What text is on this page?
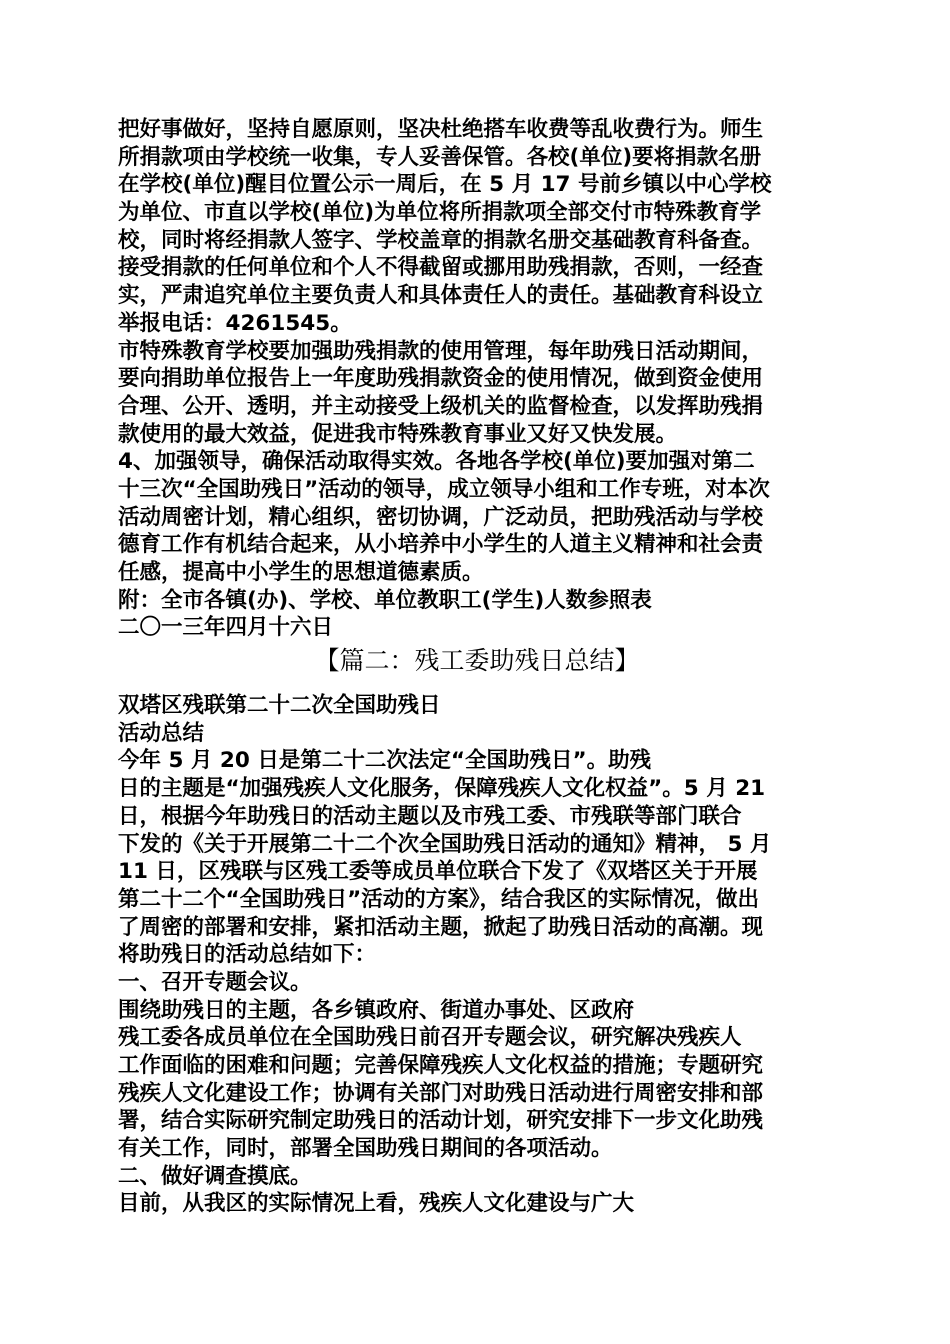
把好事做好，坚持自愿原则，坚决杜绝搭车收费等乱收费行为。师生
所捐款项由学校统一收集，专人妥善保管。各校(单位)要将捐款名册
在学校(单位)醒目位置公示一周后，在 5 月 17 号前乡镇以中心学校
为单位、市直以学校(单位)为单位将所捐款项全部交付市特殊教育学
校，同时将经捐款人签字、学校盖章的捐款名册交基础教育科备查。
接受捐款的任何单位和个人不得截留或挪用助残捐款，否则，一经查
实，严肃追究单位主要负责人和具体责任人的责任。基础教育科设立
举报电话：4261545。
市特殊教育学校要加强助残捐款的使用管理，每年助残日活动期间，
要向捐助单位报告上一年度助残捐款资金的使用情况，做到资金使用
合理、公开、透明，并主动接受上级机关的监督检查，以发挥助残捐
款使用的最大效益，促进我市特殊教育事业又好又快发展。
4、加强领导，确保活动取得实效。各地各学校(单位)要加强对第二
十三次“全国助残日”活动的领导，成立领导小组和工作专班，对本次
活动周密计划，精心组织，密切协调，广泛动员，把助残活动与学校
德育工作有机结合起来，从小培养中小学生的人道主义精神和社会责
任感，提高中小学生的思想道德素质。
附：全市各镇(办)、学校、单位教职工(学生)人数参照表
二〇一三年四月十六日
【篇二：残工委助残日总结】
双塔区残联第二十二次全国助残日
活动总结
今年 5 月 20 日是第二十二次法定“全国助残日”。助残
日的主题是“加强残疾人文化服务，保障残疾人文化权益”。5 月 21
日，根据今年助残日的活动主题以及市残工委、市残联等部门联合
下发的《关于开展第二十二个次全国助残日活动的通知》精神， 5 月
11 日，区残联与区残工委等成员单位联合下发了《双塔区关于开展
第二十二个“全国助残日”活动的方案》，结合我区的实际情况，做出
了周密的部署和安排，紧扣活动主题，掀起了助残日活动的高潮。现
将助残日的活动总结如下：
一、召开专题会议。
围绕助残日的主题，各乡镇政府、街道办事处、区政府
残工委各成员单位在全国助残日前召开专题会议，研究解决残疾人
工作面临的困难和问题；完善保障残疾人文化权益的措施；专题研究
残疾人文化建设工作；协调有关部门对助残日活动进行周密安排和部
署，结合实际研究制定助残日的活动计划，研究安排下一步文化助残
有关工作，同时，部署全国助残日期间的各项活动。
二、做好调查摸底。
目前，从我区的实际情况上看，残疾人文化建设与广大
